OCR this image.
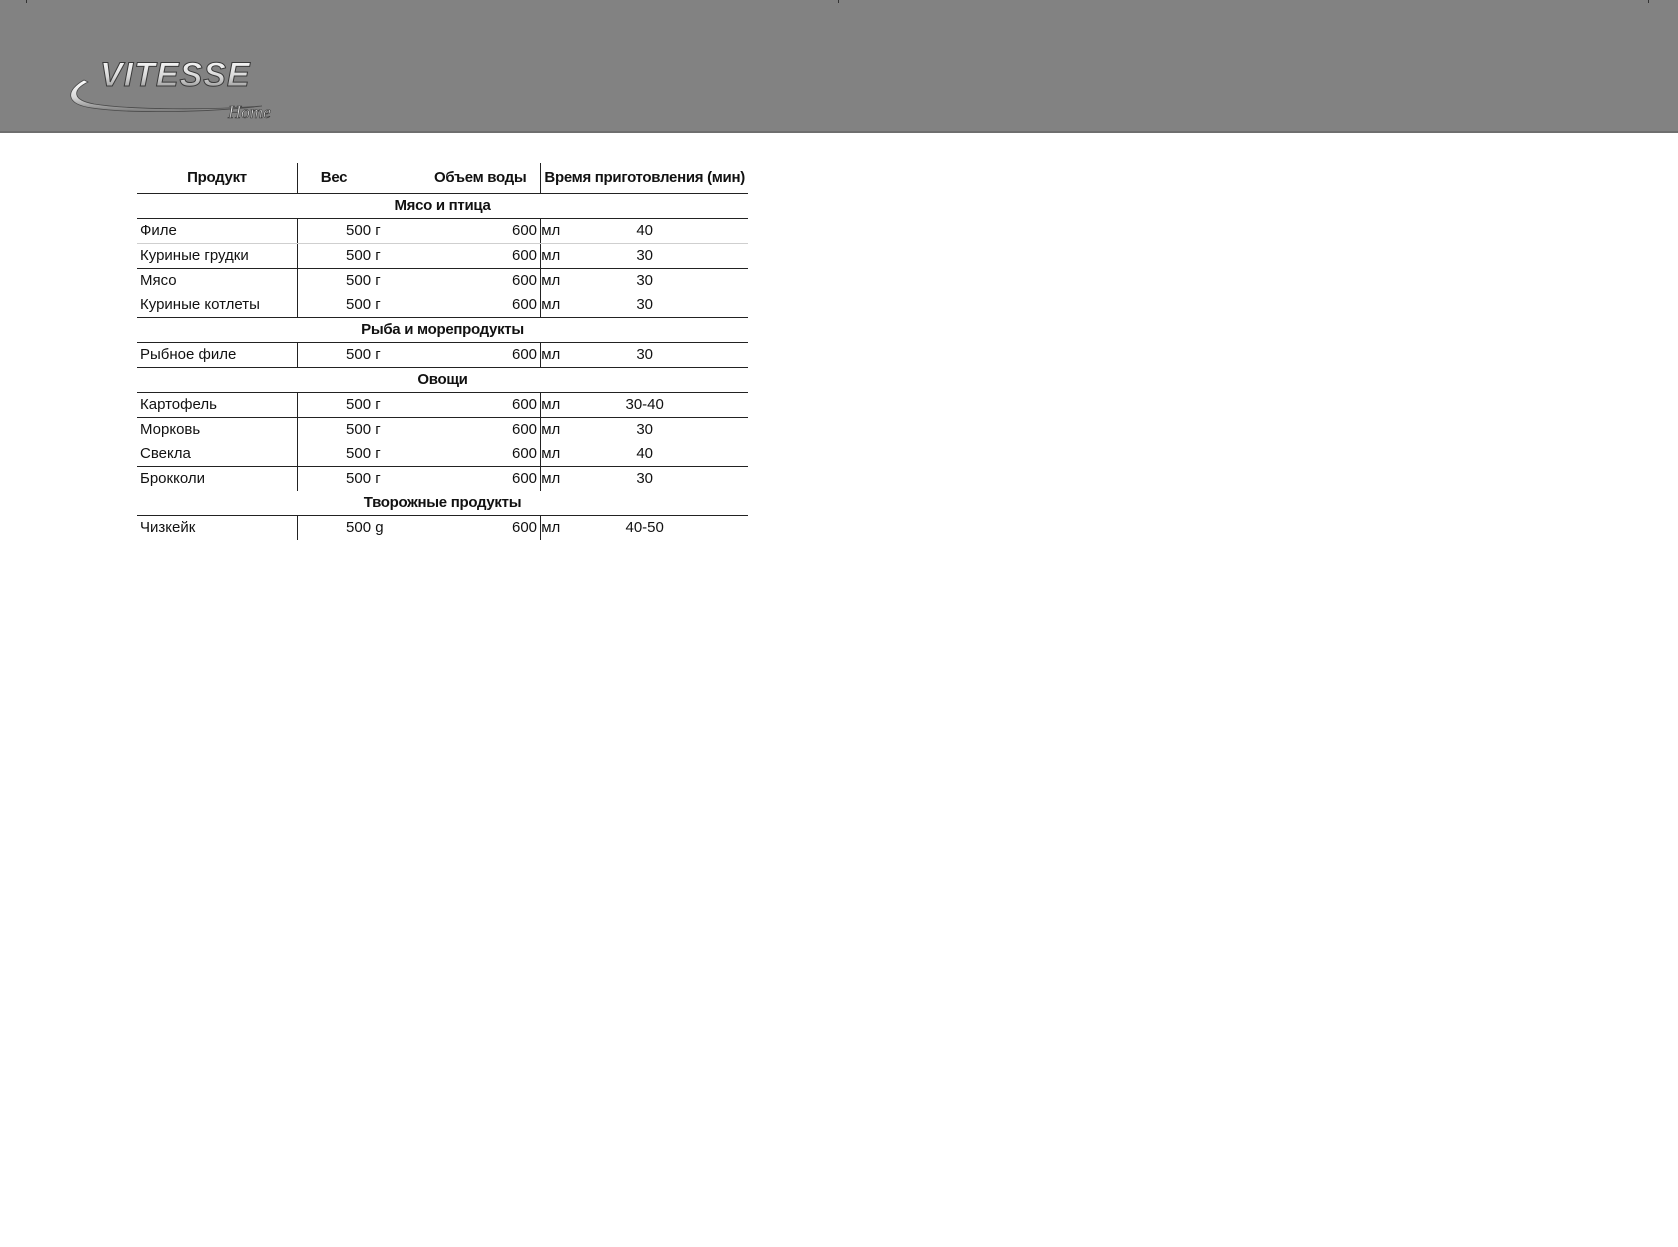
VITESSE
Home
Продукт	Вес	Объем воды	Время приготовления (мин)
Мясо и птица			
Филе	500 г	600 мл	40
Куриные грудки	500 г	600 мл	30
Мясо	500 г	600 мл	30
Куриные котлеты	500 г	600 мл	30
Рыба и морепродукты			
Рыбное филе	500 г	600 мл	30
Овощи			
Картофель	500 г	600 мл	30-40
Морковь	500 г	600 мл	30
Свекла	500 г	600 мл	40
Брокколи	500 г	600 мл	30
Творожные продукты			
Чизкейк	500 g	600 мл	40-50
